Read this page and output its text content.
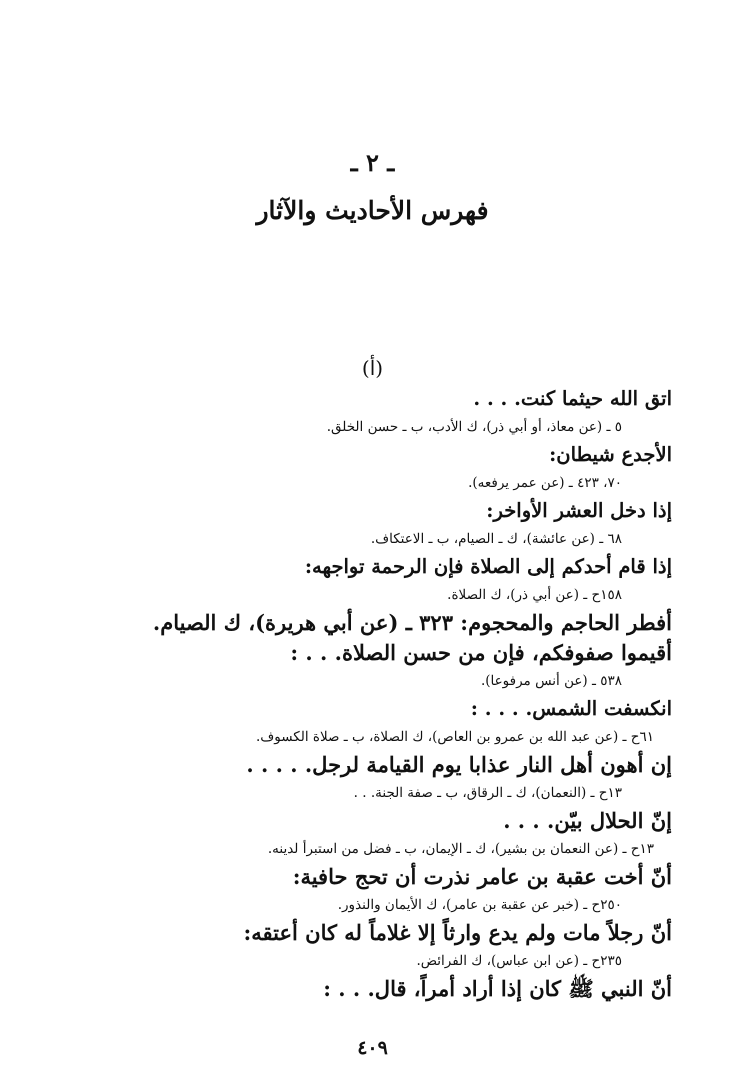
ـ ٢ ـ
فهرس الأحاديث والآثار
(أ)
اتق الله حيثما كنت. . . .
٥ ـ (عن معاذ، أو أبي ذر)، ك الأدب، ب ـ حسن الخلق.
الأجدع شيطان:
٧٠، ٤٢٣ ـ (عن عمر يرفعه).
إذا دخل العشر الأواخر:
٦٨ ـ (عن عائشة)، ك ـ الصيام، ب ـ الاعتكاف.
إذا قام أحدكم إلى الصلاة فإن الرحمة تواجهه:
١٥٨ح ـ (عن أبي ذر)، ك الصلاة.
أفطر الحاجم والمحجوم: ٣٢٣ ـ (عن أبي هريرة)، ك الصيام.
أقيموا صفوفكم، فإن من حسن الصلاة. . . :
٥٣٨ ـ (عن أنس مرفوعا).
انكسفت الشمس. . . . :
٦١ح ـ (عن عبد الله بن عمرو بن العاص)، ك الصلاة، ب ـ صلاة الكسوف.
إن أهون أهل النار عذابا يوم القيامة لرجل. . . . .
١٣ح ـ (النعمان)، ك ـ الرقاق، ب ـ صفة الجنة. . .
إنّ الحلال بيّن. . . .
١٣ح ـ (عن النعمان بن بشير)، ك ـ الإيمان، ب ـ فضل من استبرأ لدينه.
أنّ أخت عقبة بن عامر نذرت أن تحج حافية:
٢٥٠ح ـ (خبر عن عقبة بن عامر)، ك الأيمان والنذور.
أنّ رجلاً مات ولم يدع وارثاً إلا غلاماً له كان أعتقه:
٢٣٥ح ـ (عن ابن عباس)، ك الفرائض.
أنّ النبي ﷺ كان إذا أراد أمراً، قال. . . :
٤٠٩
